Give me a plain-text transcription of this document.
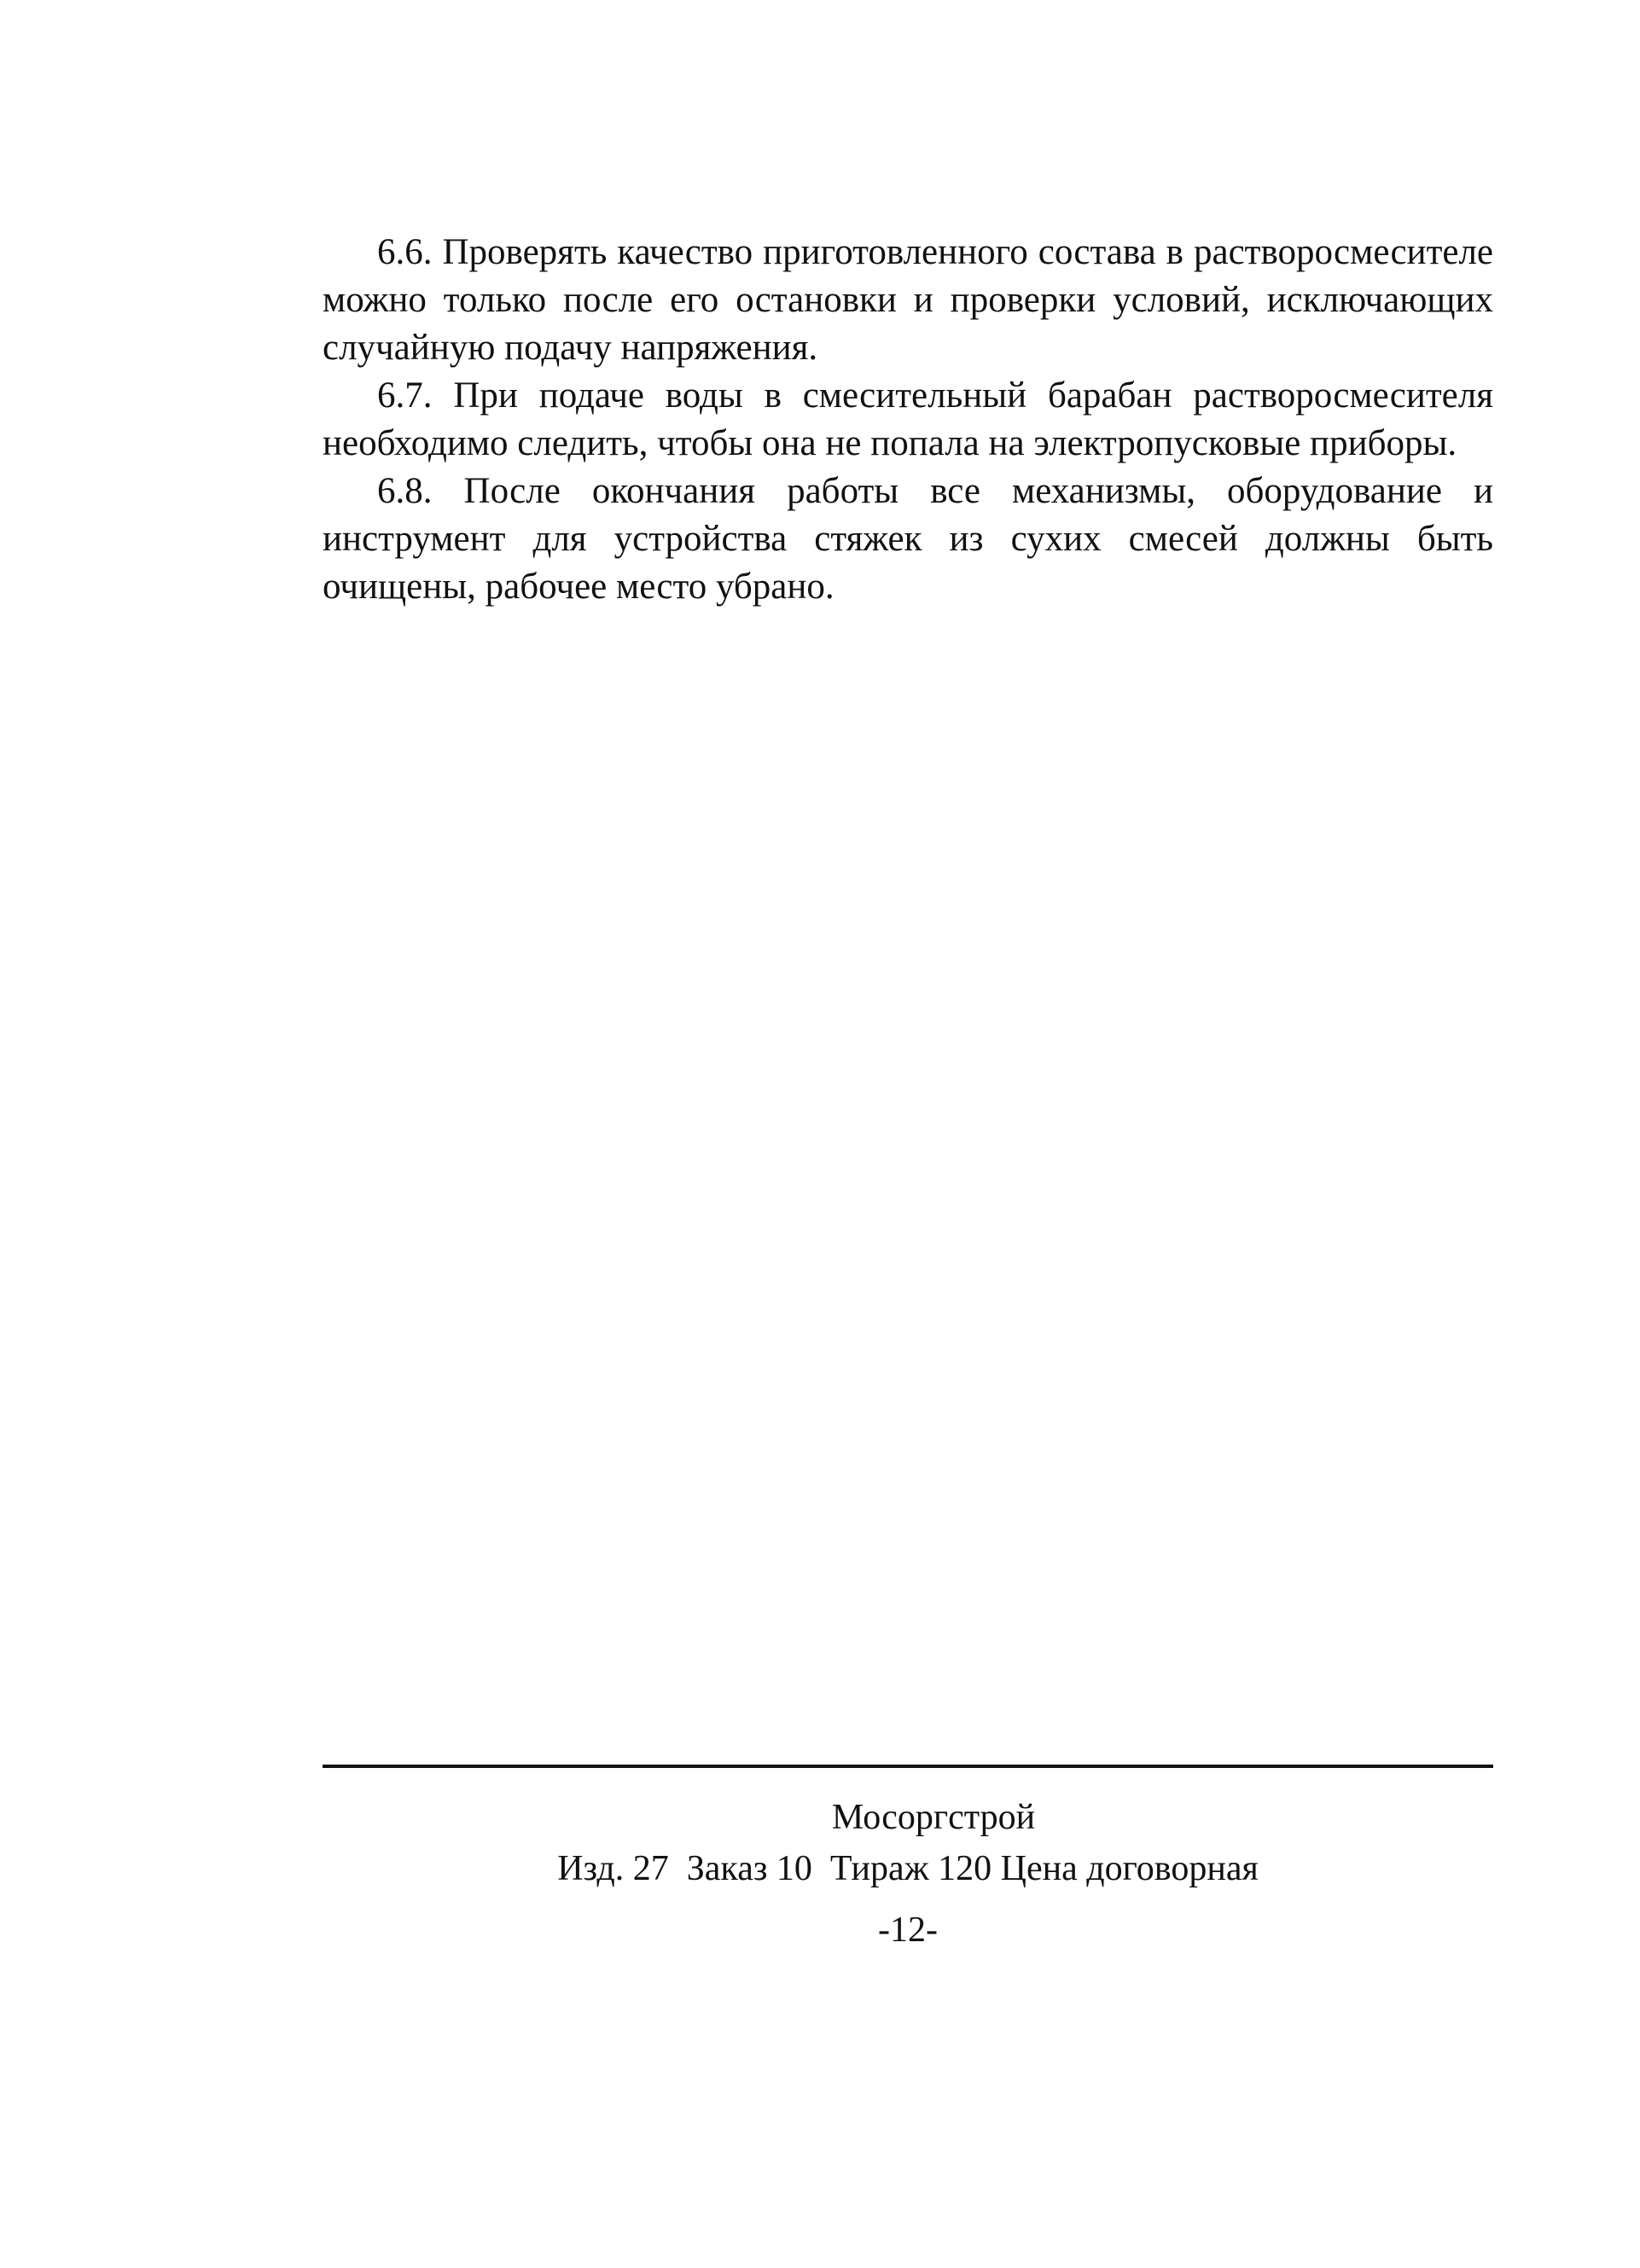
6.6. Проверять качество приготовленного состава в растворосмесителе можно только после его остановки и проверки условий, исключающих случайную подачу напряжения.

6.7. При подаче воды в смесительный барабан растворосмесителя необходимо следить, чтобы она не попала на электропусковые приборы.

6.8. После окончания работы все механизмы, оборудование и инструмент для устройства стяжек из сухих смесей должны быть очищены, рабочее место убрано.

Мосоргстрой
Изд. 27  Заказ 10  Тираж 120 Цена договорная
-12-
